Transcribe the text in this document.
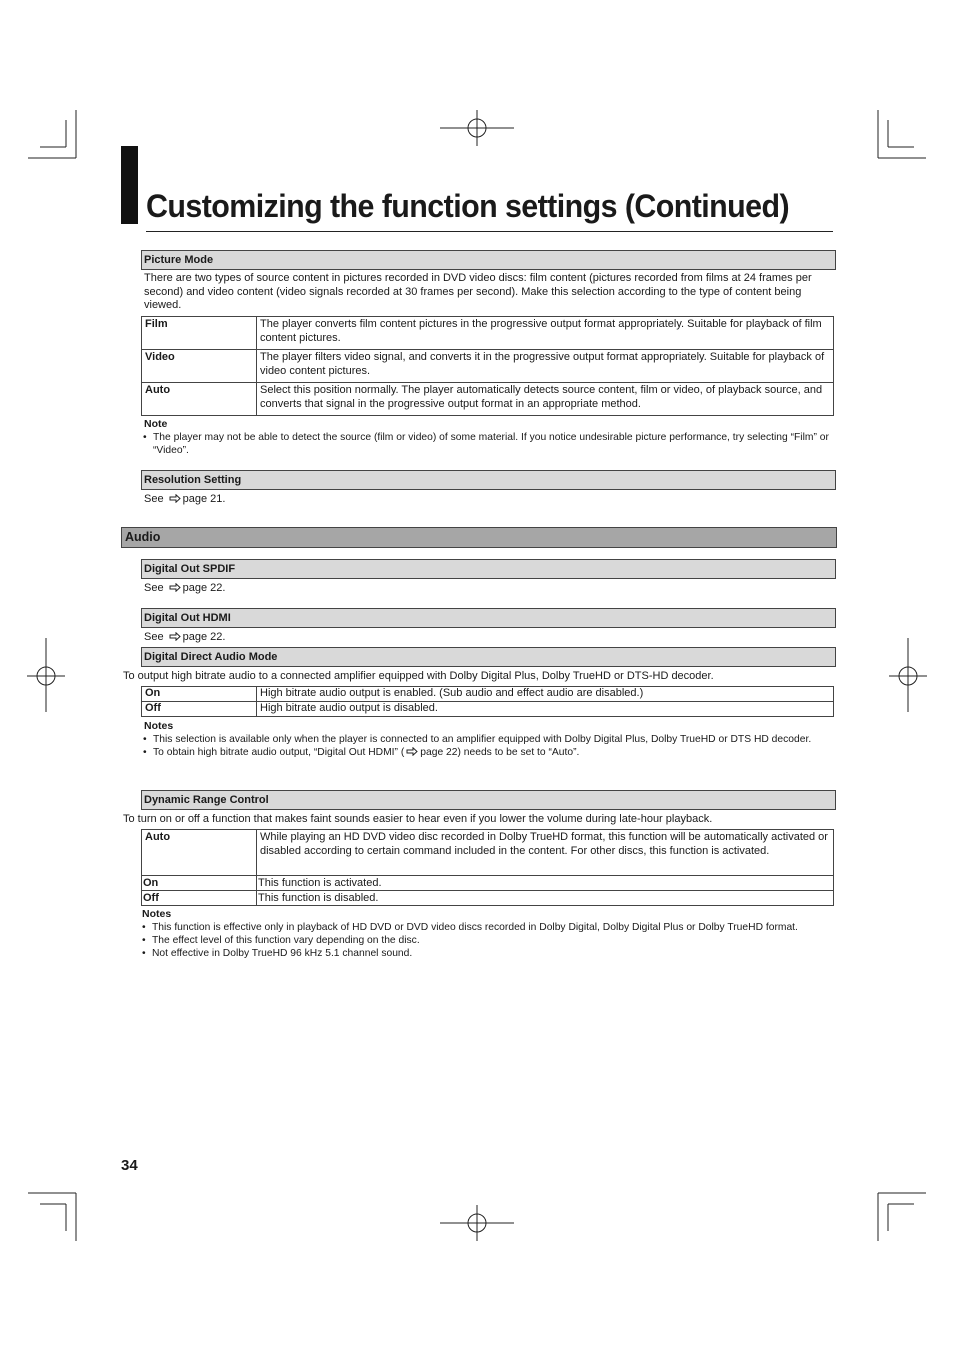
Customizing the function settings (Continued)
Picture Mode
There are two types of source content in pictures recorded in DVD video discs: film content (pictures recorded from films at 24 frames per second) and video content (video signals recorded at 30 frames per second). Make this selection according to the type of content being viewed.
Film	The player converts film content pictures in the progressive output format appropriately. Suitable for playback of film content pictures.
Video	The player filters video signal, and converts it in the progressive output format appropriately. Suitable for playback of video content pictures.
Auto	Select this position normally. The player automatically detects source content, film or video, of playback source, and converts that signal in the progressive output format in an appropriate method.
Note
• The player may not be able to detect the source (film or video) of some material. If you notice undesirable picture performance, try selecting “Film” or “Video”.
Resolution Setting
See page 21.
Audio
Digital Out SPDIF
See page 22.
Digital Out HDMI
See page 22.
Digital Direct Audio Mode
To output high bitrate audio to a connected amplifier equipped with Dolby Digital Plus, Dolby TrueHD or DTS-HD decoder.
On	High bitrate audio output is enabled. (Sub audio and effect audio are disabled.)
Off	High bitrate audio output is disabled.
Notes
• This selection is available only when the player is connected to an amplifier equipped with Dolby Digital Plus, Dolby TrueHD or DTS HD decoder.
• To obtain high bitrate audio output, “Digital Out HDMI” ( page 22) needs to be set to “Auto”.
Dynamic Range Control
To turn on or off a function that makes faint sounds easier to hear even if you lower the volume during late-hour playback.
Auto	While playing an HD DVD video disc recorded in Dolby TrueHD format, this function will be automatically activated or disabled according to certain command included in the content. For other discs, this function is activated.
On	This function is activated.
Off	This function is disabled.
Notes
• This function is effective only in playback of HD DVD or DVD video discs recorded in Dolby Digital, Dolby Digital Plus or Dolby TrueHD format.
• The effect level of this function vary depending on the disc.
• Not effective in Dolby TrueHD 96 kHz 5.1 channel sound.
34
